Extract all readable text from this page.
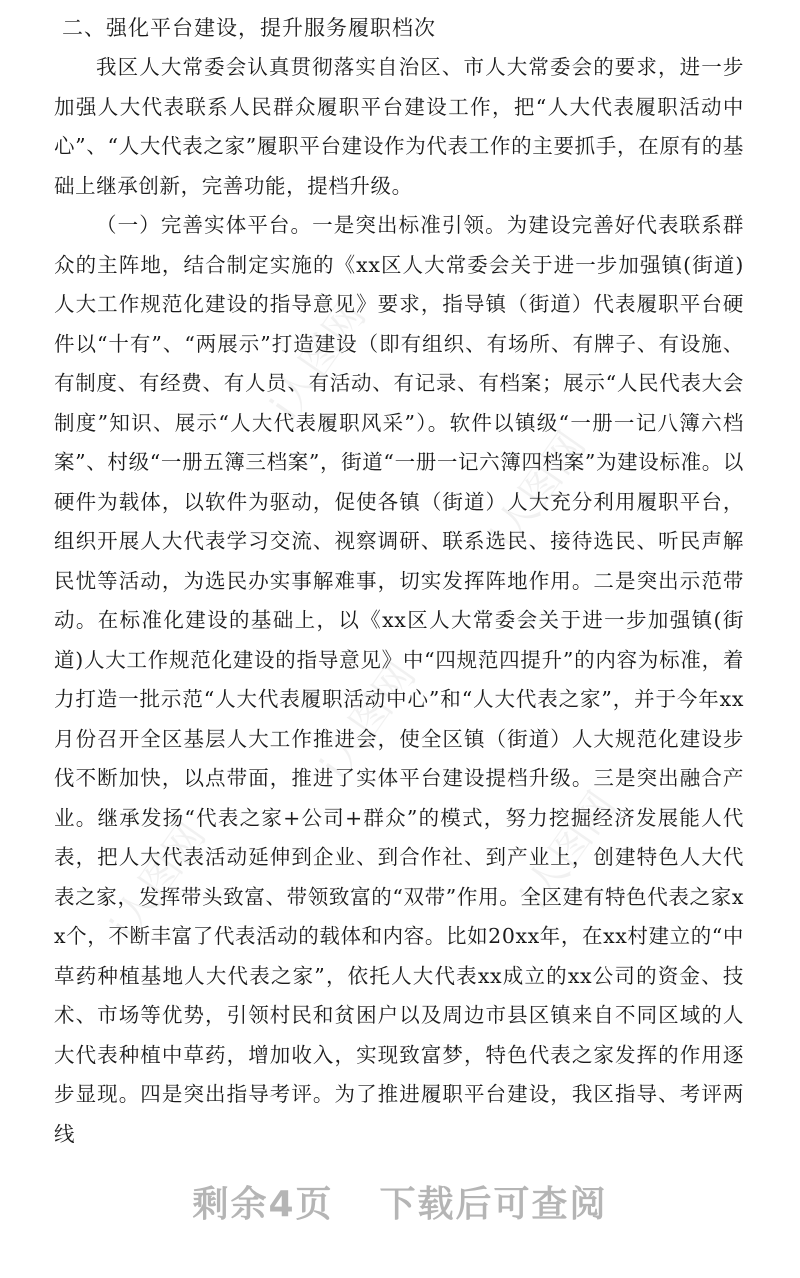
i人图网
i人图网
i人图网
i人图网
i人图网
二、强化平台建设，提升服务履职档次

我区人大常委会认真贯彻落实自治区、市人大常委会的要求，进一步加强人大代表联系人民群众履职平台建设工作，把“人大代表履职活动中心”、“人大代表之家”履职平台建设作为代表工作的主要抓手，在原有的基础上继承创新，完善功能，提档升级。

（一）完善实体平台。一是突出标准引领。为建设完善好代表联系群众的主阵地，结合制定实施的《xx区人大常委会关于进一步加强镇(街道)人大工作规范化建设的指导意见》要求，指导镇（街道）代表履职平台硬件以“十有”、“两展示”打造建设（即有组织、有场所、有牌子、有设施、有制度、有经费、有人员、有活动、有记录、有档案；展示“人民代表大会制度”知识、展示“人大代表履职风采”）。软件以镇级“一册一记八簿六档案”、村级“一册五簿三档案”，街道“一册一记六簿四档案”为建设标准。以硬件为载体，以软件为驱动，促使各镇（街道）人大充分利用履职平台，组织开展人大代表学习交流、视察调研、联系选民、接待选民、听民声解民忧等活动，为选民办实事解难事，切实发挥阵地作用。二是突出示范带动。在标准化建设的基础上，以《xx区人大常委会关于进一步加强镇(街道)人大工作规范化建设的指导意见》中“四规范四提升”的内容为标准，着力打造一批示范“人大代表履职活动中心”和“人大代表之家”，并于今年xx月份召开全区基层人大工作推进会，使全区镇（街道）人大规范化建设步伐不断加快，以点带面，推进了实体平台建设提档升级。三是突出融合产业。继承发扬“代表之家+公司+群众”的模式，努力挖掘经济发展能人代表，把人大代表活动延伸到企业、到合作社、到产业上，创建特色人大代表之家，发挥带头致富、带领致富的“双带”作用。全区建有特色代表之家xx个，不断丰富了代表活动的载体和内容。比如20xx年，在xx村建立的“中草药种植基地人大代表之家”，依托人大代表xx成立的xx公司的资金、技术、市场等优势，引领村民和贫困户以及周边市县区镇来自不同区域的人大代表种植中草药，增加收入，实现致富梦，特色代表之家发挥的作用逐步显现。四是突出指导考评。为了推进履职平台建设，我区指导、考评两线

剩余4页 下载后可查阅
